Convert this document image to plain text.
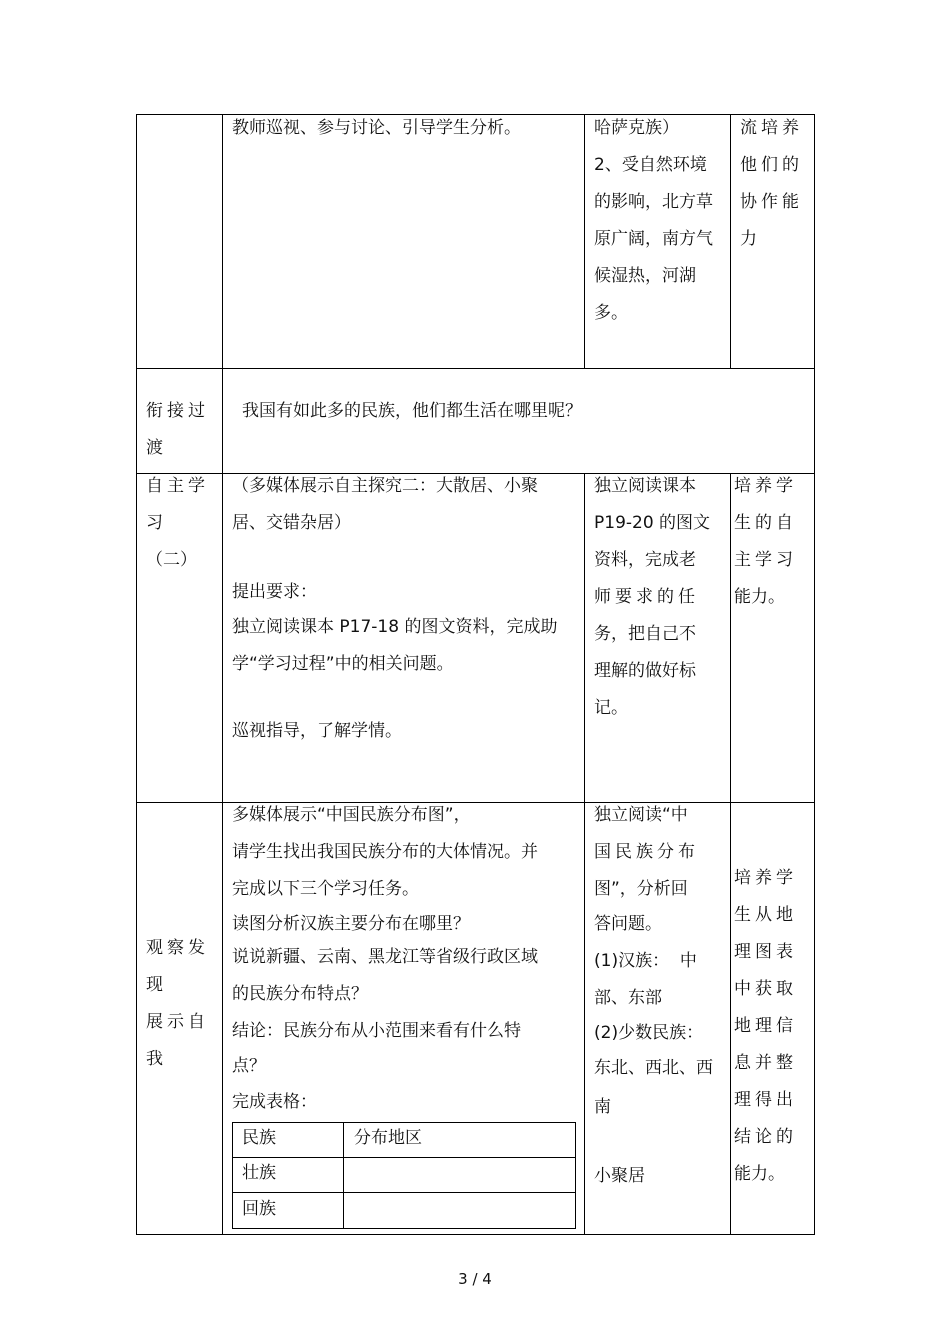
教师巡视、参与讨论、引导学生分析。	哈萨克族）
2、受自然环境
的影响，北方草
原广阔，南方气
候湿热，河湖
多。
流培养
他们的
协作能
力
衔接过
渡
我国有如此多的民族，他们都生活在哪里呢？
自主学
习
（二）
（多媒体展示自主探究二：大散居、小聚
居、交错杂居）
提出要求：
独立阅读课本 P17-18 的图文资料，完成助
学“学习过程”中的相关问题。
巡视指导，了解学情。
独立阅读课本
P19-20 的图文
资料，完成老
师要求的任
务，把自己不
理解的做好标
记。
培养学
生的自
主学习
能力。
观察发
现
展示自
我
多媒体展示“中国民族分布图”，
请学生找出我国民族分布的大体情况。并
完成以下三个学习任务。
读图分析汉族主要分布在哪里？
说说新疆、云南、黑龙江等省级行政区域
的民族分布特点？
结论：民族分布从小范围来看有什么特
点？
完成表格：
民族	分布地区
壮族
回族
独立阅读“中
国民族分布
图”，分析回
答问题。
(1)汉族：  中
部、东部
(2)少数民族：
东北、西北、西
南
小聚居
培养学
生从地
理图表
中获取
地理信
息并整
理得出
结论的
能力。
3 / 4
